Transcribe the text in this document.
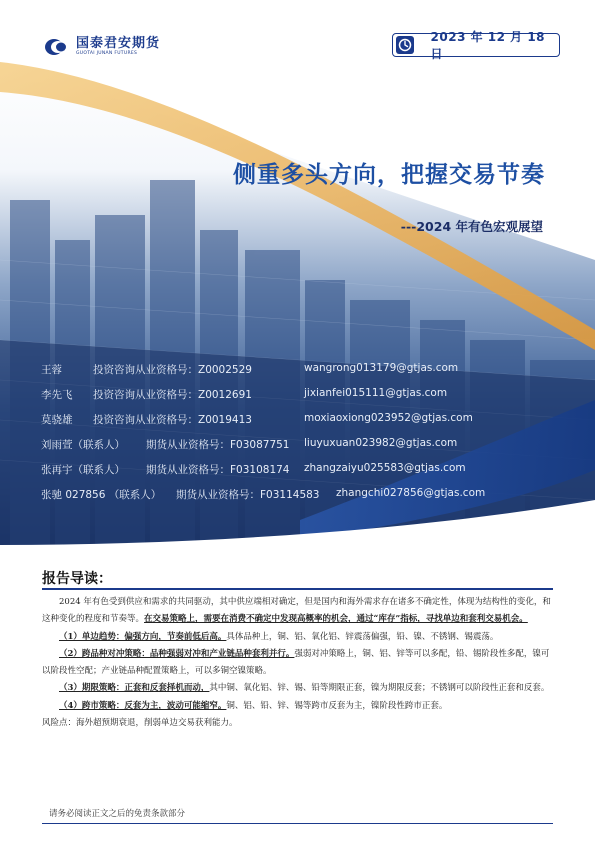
国泰君安期货
GUOTAI JUNAN FUTURES
2023 年 12 月 18 日
侧重多头方向，把握交易节奏
---2024 年有色宏观展望
王蓉	投资咨询从业资格号：Z0002529	wangrong013179@gtjas.com
李先飞 投资咨询从业资格号：Z0012691	jixianfei015111@gtjas.com
莫骁雄 投资咨询从业资格号：Z0019413	moxiaoxiong023952@gtjas.com
刘雨萱（联系人） 期货从业资格号：F03087751 liuyuxuan023982@gtjas.com
张再宇（联系人） 期货从业资格号：F03108174 zhangzaiyu025583@gtjas.com
张驰 027856 （联系人） 期货从业资格号：F03114583 zhangchi027856@gtjas.com
报告导读：

2024 年有色受到供应和需求的共同驱动，其中供应端相对确定，但是国内和海外需求存在诸多不确定性，体现为结构性的变化，和这种变化的程度和节奏等。在交易策略上，需要在消费不确定中发现高概率的机会，通过“库存”指标，寻找单边和套利交易机会。

（1）单边趋势：偏强方向，节奏前低后高。具体品种上，铜、铝、氧化铝、锌震荡偏强，铅、镍、不锈钢、锡震荡。

（2）跨品种对冲策略：品种强弱对冲和产业链品种套利并行。强弱对冲策略上，铜、铝、锌等可以多配，铅、锡阶段性多配，镍可以阶段性空配；产业链品种配置策略上，可以多铜空镍策略。

（3）期限策略：正套和反套择机而动，其中铜、氧化铝、锌、锡、铅等期限正套，镍为期限反套；不锈钢可以阶段性正套和反套。

（4）跨市策略：反套为主，波动可能缩窄。铜、铝、铅、锌、锡等跨市反套为主，镍阶段性跨市正套。

风险点：海外超预期衰退，削弱单边交易获利能力。

请务必阅读正文之后的免责条款部分
